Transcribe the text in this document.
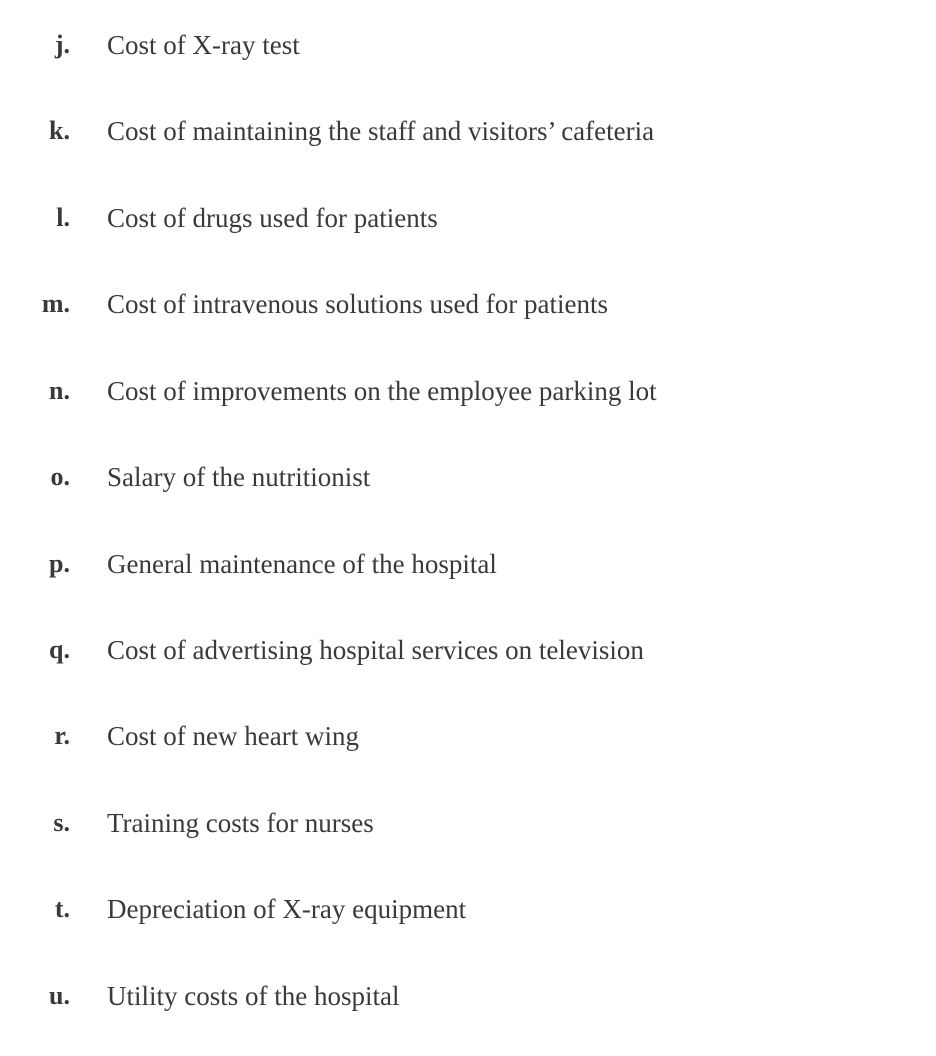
j. Cost of X-ray test
k. Cost of maintaining the staff and visitors’ cafeteria
l. Cost of drugs used for patients
m. Cost of intravenous solutions used for patients
n. Cost of improvements on the employee parking lot
o. Salary of the nutritionist
p. General maintenance of the hospital
q. Cost of advertising hospital services on television
r. Cost of new heart wing
s. Training costs for nurses
t. Depreciation of X-ray equipment
u. Utility costs of the hospital
